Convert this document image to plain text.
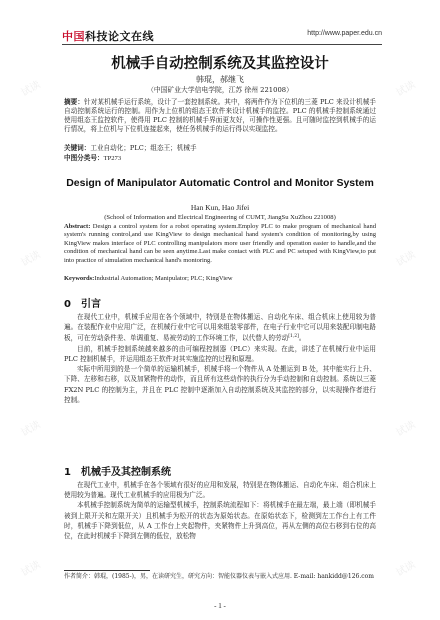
中国科技论文在线	http://www.paper.edu.cn
机械手自动控制系统及其监控设计
韩琨，郝继飞
（中国矿业大学信电学院，江苏 徐州 221008）
摘要：针对某机械手运行系统，设计了一套控制系统。其中，将两件作为下位机的三菱 PLC 来设计机械手自动控制系统运行的控制。用作为上位机的组态王软件来设计机械手的监控。PLC 的机械手控制系统通过使用组态王监控软件，使得用 PLC 控制的机械手界面更友好，可操作性更强。且可随时监控到机械手的运行情况，将上位机与下位机连接起来，使任务机械手的运行得以实现监控。
关键词：工业自动化；PLC；组态王；机械手
中图分类号：TP273
Design of Manipulator Automatic Control and Monitor System
Han Kun, Hao Jifei
(School of Information and Electrical Engineering of CUMT, JiangSu XuZhou 221008)
Abstract: Design a control system for a robot operating system.Employ PLC to make program of mechanical hand system's running control,and use KingView to design mechanical hand system's condition of monitoring,by using KingView makes interface of PLC controlling manipulators more user friendly and operation easier to handle,and the condition of mechanical hand can be seen anytime.Last make contact with PLC and PC setuped with KingView,to put into practice of simulation mechanical hand's montoring.
Keywords:Industrial Automation; Manipulator; PLC; KingView
0　引言

在现代工业中，机械手应用在各个领域中，特别是在物体搬运、自动化车床、组合机床上使用较为普遍。在装配作业中应用广泛，在机械行业中它可以用来组装零部件，在电子行业中它可以用来装配印制电路板，可在劳动条件差、单调重复、易被劳动的工作环境工作，以代替人的劳动[1,2]。

目前，机械手控制系统越来越多的由可编程控制器（PLC）来实现。在此，讲述了在机械行业中运用 PLC 控制机械手，并运用组态王软件对其实施监控的过程和原理。

实际中所用到的是一个简单的运输机械手，机械手将一个物件从 A 处搬运到 B 处，其中能实行上升、下降、左移和右移，以及加紧物件的动作，而且所有这些动作的执行分为手动控制和自动控制。系统以三菱 FX2N PLC 的控制为主，并且在 PLC 控制中逐渐加入自动控制系统及其监控的部分，以实现操作者进行控制。

1　机械手及其控制系统

在现代工业中，机械手在各个领域有很好的应用和发展，特别是在物体搬运、自动化车床、组合机床上使用较为普遍。现代工业机械手的应用极为广泛。

本机械手控制系统为简单的运输型机械手，控制系统流程如下：将机械手在最左端，最上端（即机械手被到上限开关和左限开关）且机械手为松开的状态为原始状态。在原始状态下，检测到左工作台上有工件时，机械手下降到低位，从 A 工作台上夹起物件，夹紧物件上升到高位，再从左侧的高位右移到右位的高位，在此时机械手下降到左侧的低位，放松物

作者简介：韩琨，(1985-)，男，在读研究生，研究方向：智能仪器仪表与嵌入式应用. E-mail: hankidd@126.com
- 1 -
试读	试读
试读	试读
试读	试读
试读	试读
